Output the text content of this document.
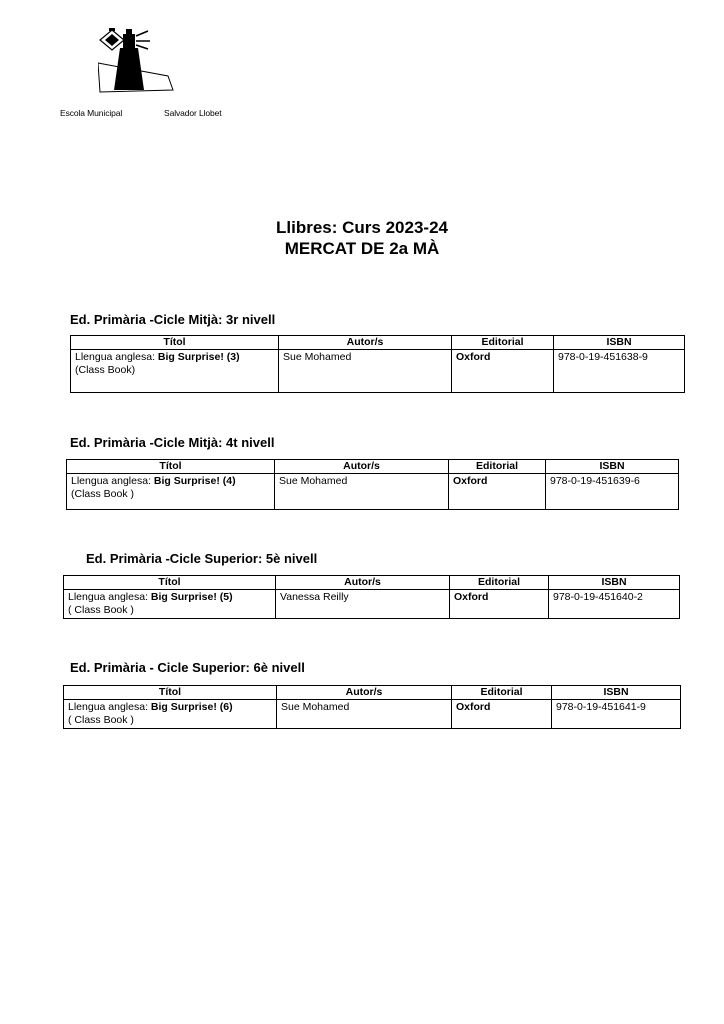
Escola Municipal	Salvador Llobet
Llibres: Curs 2023-24
MERCAT DE 2a MÀ
Ed. Primària -Cicle Mitjà: 3r nivell
Títol	Autor/s	Editorial	ISBN
Llengua anglesa: Big Surprise! (3)
(Class Book)	Sue Mohamed	Oxford	978-0-19-451638-9
Ed. Primària -Cicle Mitjà: 4t nivell
Títol	Autor/s	Editorial	ISBN
Llengua anglesa: Big Surprise! (4)
(Class Book )	Sue Mohamed	Oxford	978-0-19-451639-6
Ed. Primària -Cicle Superior: 5è nivell
Títol	Autor/s	Editorial	ISBN
Llengua anglesa: Big Surprise! (5)
( Class Book )	Vanessa Reilly	Oxford	978-0-19-451640-2
Ed. Primària - Cicle Superior: 6è nivell
Títol	Autor/s	Editorial	ISBN
Llengua anglesa: Big Surprise! (6)
( Class Book )	Sue Mohamed	Oxford	978-0-19-451641-9
